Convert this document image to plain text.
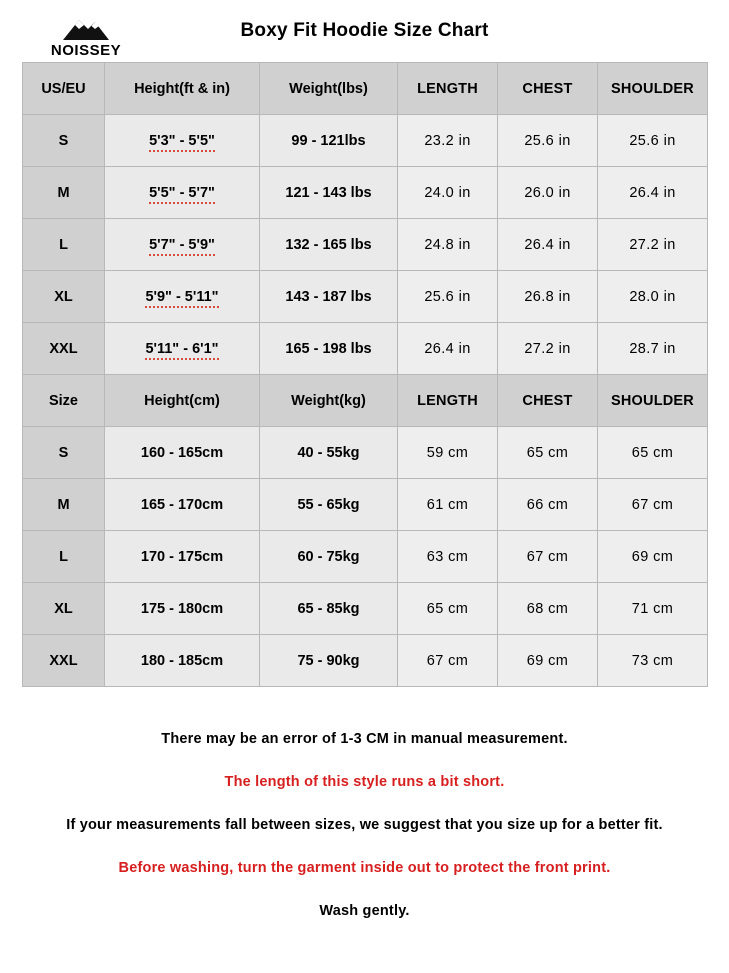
NOISSEY
Boxy Fit Hoodie Size Chart
US/EU	Height(ft & in)	Weight(lbs)	LENGTH	CHEST	SHOULDER
S	5'3" - 5'5"	99 - 121lbs	23.2 in	25.6 in	25.6 in
M	5'5" - 5'7"	121 - 143 lbs	24.0 in	26.0 in	26.4 in
L	5'7" - 5'9"	132 - 165 lbs	24.8 in	26.4 in	27.2 in
XL	5'9" - 5'11"	143 - 187 lbs	25.6 in	26.8 in	28.0 in
XXL	5'11" - 6'1"	165 - 198 lbs	26.4 in	27.2 in	28.7 in
Size	Height(cm)	Weight(kg)	LENGTH	CHEST	SHOULDER
S	160 - 165cm	40 - 55kg	59 cm	65 cm	65 cm
M	165 - 170cm	55 - 65kg	61 cm	66 cm	67 cm
L	170 - 175cm	60 - 75kg	63 cm	67 cm	69 cm
XL	175 - 180cm	65 - 85kg	65 cm	68 cm	71 cm
XXL	180 - 185cm	75 - 90kg	67 cm	69 cm	73 cm
There may be an error of 1-3 CM in manual measurement.
The length of this style runs a bit short.
If your measurements fall between sizes, we suggest that you size up for a better fit.
Before washing, turn the garment inside out to protect the front print.
Wash gently.
